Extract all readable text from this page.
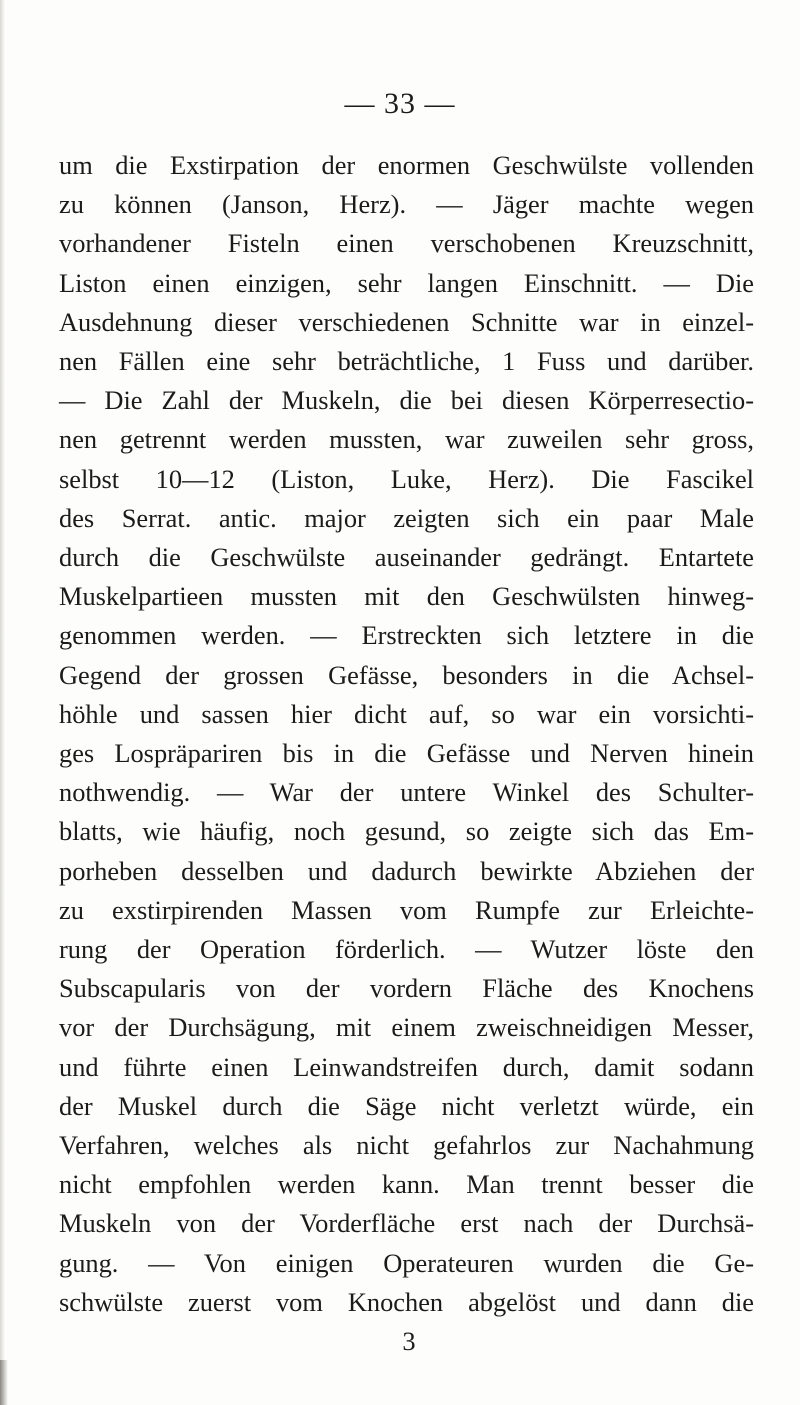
— 33 —
um die Exstirpation der enormen Geschwülste vollenden
zu können (Janson, Herz). — Jäger machte wegen
vorhandener Fisteln einen verschobenen Kreuzschnitt,
Liston einen einzigen, sehr langen Einschnitt. — Die
Ausdehnung dieser verschiedenen Schnitte war in einzel-
nen Fällen eine sehr beträchtliche, 1 Fuss und darüber.
— Die Zahl der Muskeln, die bei diesen Körperresectio-
nen getrennt werden mussten, war zuweilen sehr gross,
selbst 10—12 (Liston, Luke, Herz). Die Fascikel
des Serrat. antic. major zeigten sich ein paar Male
durch die Geschwülste auseinander gedrängt. Entartete
Muskelpartieen mussten mit den Geschwülsten hinweg-
genommen werden. — Erstreckten sich letztere in die
Gegend der grossen Gefässe, besonders in die Achsel-
höhle und sassen hier dicht auf, so war ein vorsichti-
ges Lospräpariren bis in die Gefässe und Nerven hinein
nothwendig. — War der untere Winkel des Schulter-
blatts, wie häufig, noch gesund, so zeigte sich das Em-
porheben desselben und dadurch bewirkte Abziehen der
zu exstirpirenden Massen vom Rumpfe zur Erleichte-
rung der Operation förderlich. — Wutzer löste den
Subscapularis von der vordern Fläche des Knochens
vor der Durchsägung, mit einem zweischneidigen Messer,
und führte einen Leinwandstreifen durch, damit sodann
der Muskel durch die Säge nicht verletzt würde, ein
Verfahren, welches als nicht gefahrlos zur Nachahmung
nicht empfohlen werden kann. Man trennt besser die
Muskeln von der Vorderfläche erst nach der Durchsä-
gung. — Von einigen Operateuren wurden die Ge-
schwülste zuerst vom Knochen abgelöst und dann die
3
